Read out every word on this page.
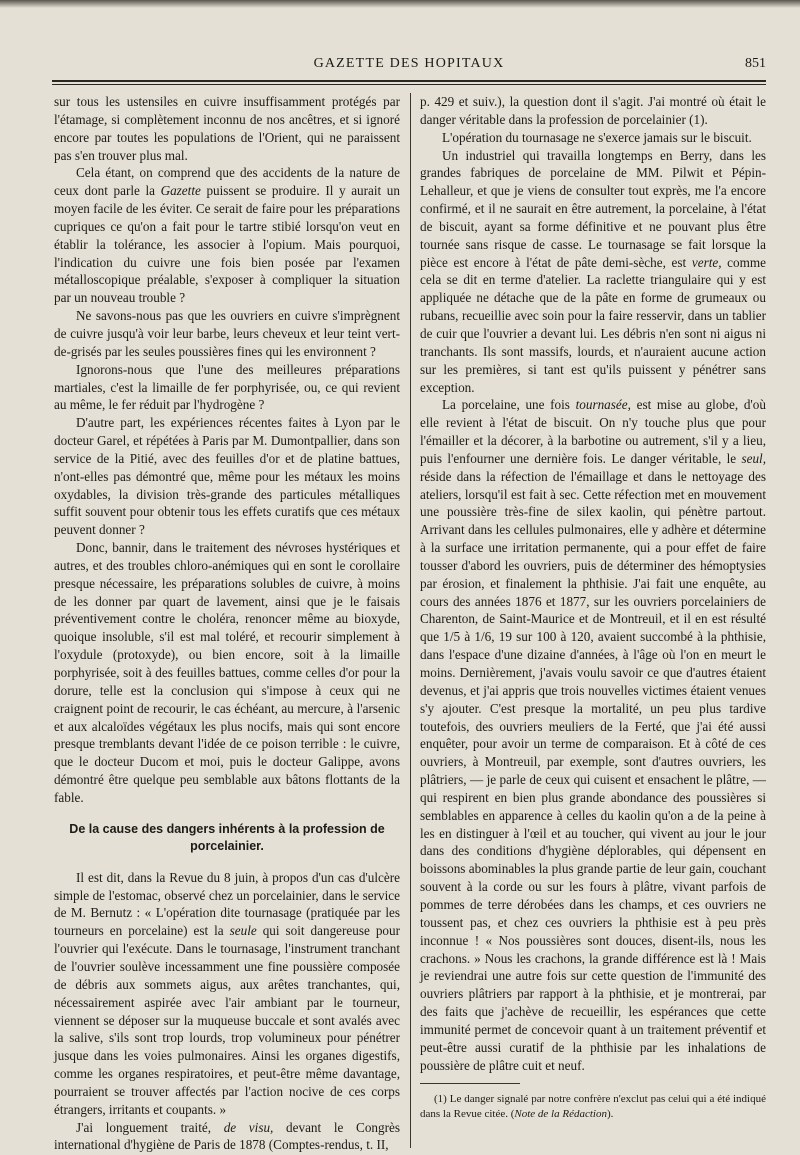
GAZETTE DES HOPITAUX	851

sur tous les ustensiles en cuivre insuffisamment protégés par l'étamage, si complètement inconnu de nos ancêtres, et si ignoré encore par toutes les populations de l'Orient, qui ne paraissent pas s'en trouver plus mal.

Cela étant, on comprend que des accidents de la nature de ceux dont parle la Gazette puissent se produire. Il y aurait un moyen facile de les éviter. Ce serait de faire pour les préparations cupriques ce qu'on a fait pour le tartre stibié lorsqu'on veut en établir la tolérance, les associer à l'opium. Mais pourquoi, l'indication du cuivre une fois bien posée par l'examen métalloscopique préalable, s'exposer à compliquer la situation par un nouveau trouble ?

Ne savons-nous pas que les ouvriers en cuivre s'imprègnent de cuivre jusqu'à voir leur barbe, leurs cheveux et leur teint vert-de-grisés par les seules poussières fines qui les environnent ?

Ignorons-nous que l'une des meilleures préparations martiales, c'est la limaille de fer porphyrisée, ou, ce qui revient au même, le fer réduit par l'hydrogène ?

D'autre part, les expériences récentes faites à Lyon par le docteur Garel, et répétées à Paris par M. Dumontpallier, dans son service de la Pitié, avec des feuilles d'or et de platine battues, n'ont-elles pas démontré que, même pour les métaux les moins oxydables, la division très-grande des particules métalliques suffit souvent pour obtenir tous les effets curatifs que ces métaux peuvent donner ?

Donc, bannir, dans le traitement des névroses hystériques et autres, et des troubles chloro-anémiques qui en sont le corollaire presque nécessaire, les préparations solubles de cuivre, à moins de les donner par quart de lavement, ainsi que je le faisais préventivement contre le choléra, renoncer même au bioxyde, quoique insoluble, s'il est mal toléré, et recourir simplement à l'oxydule (protoxyde), ou bien encore, soit à la limaille porphyrisée, soit à des feuilles battues, comme celles d'or pour la dorure, telle est la conclusion qui s'impose à ceux qui ne craignent point de recourir, le cas échéant, au mercure, à l'arsenic et aux alcaloïdes végétaux les plus nocifs, mais qui sont encore presque tremblants devant l'idée de ce poison terrible : le cuivre, que le docteur Ducom et moi, puis le docteur Galippe, avons démontré être quelque peu semblable aux bâtons flottants de la fable.

De la cause des dangers inhérents à la profession de porcelainier.

Il est dit, dans la Revue du 8 juin, à propos d'un cas d'ulcère simple de l'estomac, observé chez un porcelainier, dans le service de M. Bernutz : « L'opération dite tournasage (pratiquée par les tourneurs en porcelaine) est la seule qui soit dangereuse pour l'ouvrier qui l'exécute. Dans le tournasage, l'instrument tranchant de l'ouvrier soulève incessamment une fine poussière composée de débris aux sommets aigus, aux arêtes tranchantes, qui, nécessairement aspirée avec l'air ambiant par le tourneur, viennent se déposer sur la muqueuse buccale et sont avalés avec la salive, s'ils sont trop lourds, trop volumineux pour pénétrer jusque dans les voies pulmonaires. Ainsi les organes digestifs, comme les organes respiratoires, et peut-être même davantage, pourraient se trouver affectés par l'action nocive de ces corps étrangers, irritants et coupants. »

J'ai longuement traité, de visu, devant le Congrès international d'hygiène de Paris de 1878 (Comptes-rendus, t. II,

p. 429 et suiv.), la question dont il s'agit. J'ai montré où était le danger véritable dans la profession de porcelainier (1).

L'opération du tournasage ne s'exerce jamais sur le biscuit.

Un industriel qui travailla longtemps en Berry, dans les grandes fabriques de porcelaine de MM. Pilwit et Pépin-Lehalleur, et que je viens de consulter tout exprès, me l'a encore confirmé, et il ne saurait en être autrement, la porcelaine, à l'état de biscuit, ayant sa forme définitive et ne pouvant plus être tournée sans risque de casse. Le tournasage se fait lorsque la pièce est encore à l'état de pâte demi-sèche, est verte, comme cela se dit en terme d'atelier. La raclette triangulaire qui y est appliquée ne détache que de la pâte en forme de grumeaux ou rubans, recueillie avec soin pour la faire resservir, dans un tablier de cuir que l'ouvrier a devant lui. Les débris n'en sont ni aigus ni tranchants. Ils sont massifs, lourds, et n'auraient aucune action sur les premières, si tant est qu'ils puissent y pénétrer sans exception.

La porcelaine, une fois tournasée, est mise au globe, d'où elle revient à l'état de biscuit. On n'y touche plus que pour l'émailler et la décorer, à la barbotine ou autrement, s'il y a lieu, puis l'enfourner une dernière fois. Le danger véritable, le seul, réside dans la réfection de l'émaillage et dans le nettoyage des ateliers, lorsqu'il est fait à sec. Cette réfection met en mouvement une poussière très-fine de silex kaolin, qui pénètre partout. Arrivant dans les cellules pulmonaires, elle y adhère et détermine à la surface une irritation permanente, qui a pour effet de faire tousser d'abord les ouvriers, puis de déterminer des hémoptysies par érosion, et finalement la phthisie. J'ai fait une enquête, au cours des années 1876 et 1877, sur les ouvriers porcelainiers de Charenton, de Saint-Maurice et de Montreuil, et il en est résulté que 1/5 à 1/6, 19 sur 100 à 120, avaient succombé à la phthisie, dans l'espace d'une dizaine d'années, à l'âge où l'on en meurt le moins. Dernièrement, j'avais voulu savoir ce que d'autres étaient devenus, et j'ai appris que trois nouvelles victimes étaient venues s'y ajouter. C'est presque la mortalité, un peu plus tardive toutefois, des ouvriers meuliers de la Ferté, que j'ai été aussi enquêter, pour avoir un terme de comparaison. Et à côté de ces ouvriers, à Montreuil, par exemple, sont d'autres ouvriers, les plâtriers, — je parle de ceux qui cuisent et ensachent le plâtre, — qui respirent en bien plus grande abondance des poussières si semblables en apparence à celles du kaolin qu'on a de la peine à les en distinguer à l'œil et au toucher, qui vivent au jour le jour dans des conditions d'hygiène déplorables, qui dépensent en boissons abominables la plus grande partie de leur gain, couchant souvent à la corde ou sur les fours à plâtre, vivant parfois de pommes de terre dérobées dans les champs, et ces ouvriers ne toussent pas, et chez ces ouvriers la phthisie est à peu près inconnue ! « Nos poussières sont douces, disent-ils, nous les crachons. » Nous les crachons, la grande différence est là ! Mais je reviendrai une autre fois sur cette question de l'immunité des ouvriers plâtriers par rapport à la phthisie, et je montrerai, par des faits que j'achève de recueillir, les espérances que cette immunité permet de concevoir quant à un traitement préventif et peut-être aussi curatif de la phthisie par les inhalations de poussière de plâtre cuit et neuf.

(1) Le danger signalé par notre confrère n'exclut pas celui qui a été indiqué dans la Revue citée. (Note de la Rédaction).
